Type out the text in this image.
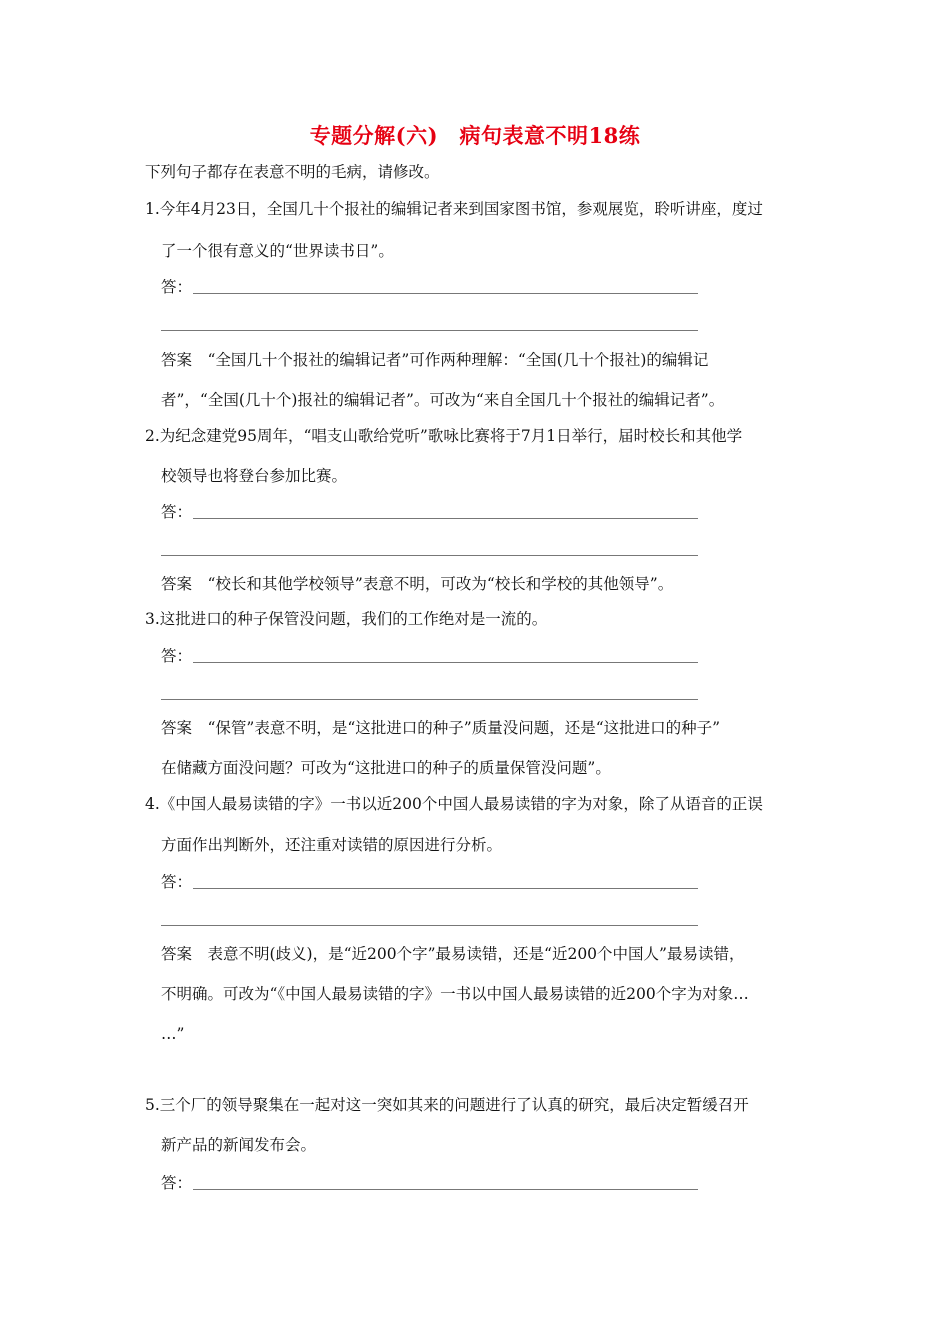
专题分解(六)　病句表意不明18练
下列句子都存在表意不明的毛病，请修改。
1.今年4月23日，全国几十个报社的编辑记者来到国家图书馆，参观展览，聆听讲座，度过
了一个很有意义的“世界读书日”。
答：
答案　“全国几十个报社的编辑记者”可作两种理解：“全国(几十个报社)的编辑记
者”，“全国(几十个)报社的编辑记者”。可改为“来自全国几十个报社的编辑记者”。
2.为纪念建党95周年，“唱支山歌给党听”歌咏比赛将于7月1日举行，届时校长和其他学
校领导也将登台参加比赛。
答：
答案　“校长和其他学校领导”表意不明，可改为“校长和学校的其他领导”。
3.这批进口的种子保管没问题，我们的工作绝对是一流的。
答：
答案　“保管”表意不明，是“这批进口的种子”质量没问题，还是“这批进口的种子”
在储藏方面没问题？可改为“这批进口的种子的质量保管没问题”。
4.《中国人最易读错的字》一书以近200个中国人最易读错的字为对象，除了从语音的正误
方面作出判断外，还注重对读错的原因进行分析。
答：
答案　表意不明(歧义)，是“近200个字”最易读错，还是“近200个中国人”最易读错，
不明确。可改为“《中国人最易读错的字》一书以中国人最易读错的近200个字为对象…
…”
5.三个厂的领导聚集在一起对这一突如其来的问题进行了认真的研究，最后决定暂缓召开
新产品的新闻发布会。
答：
